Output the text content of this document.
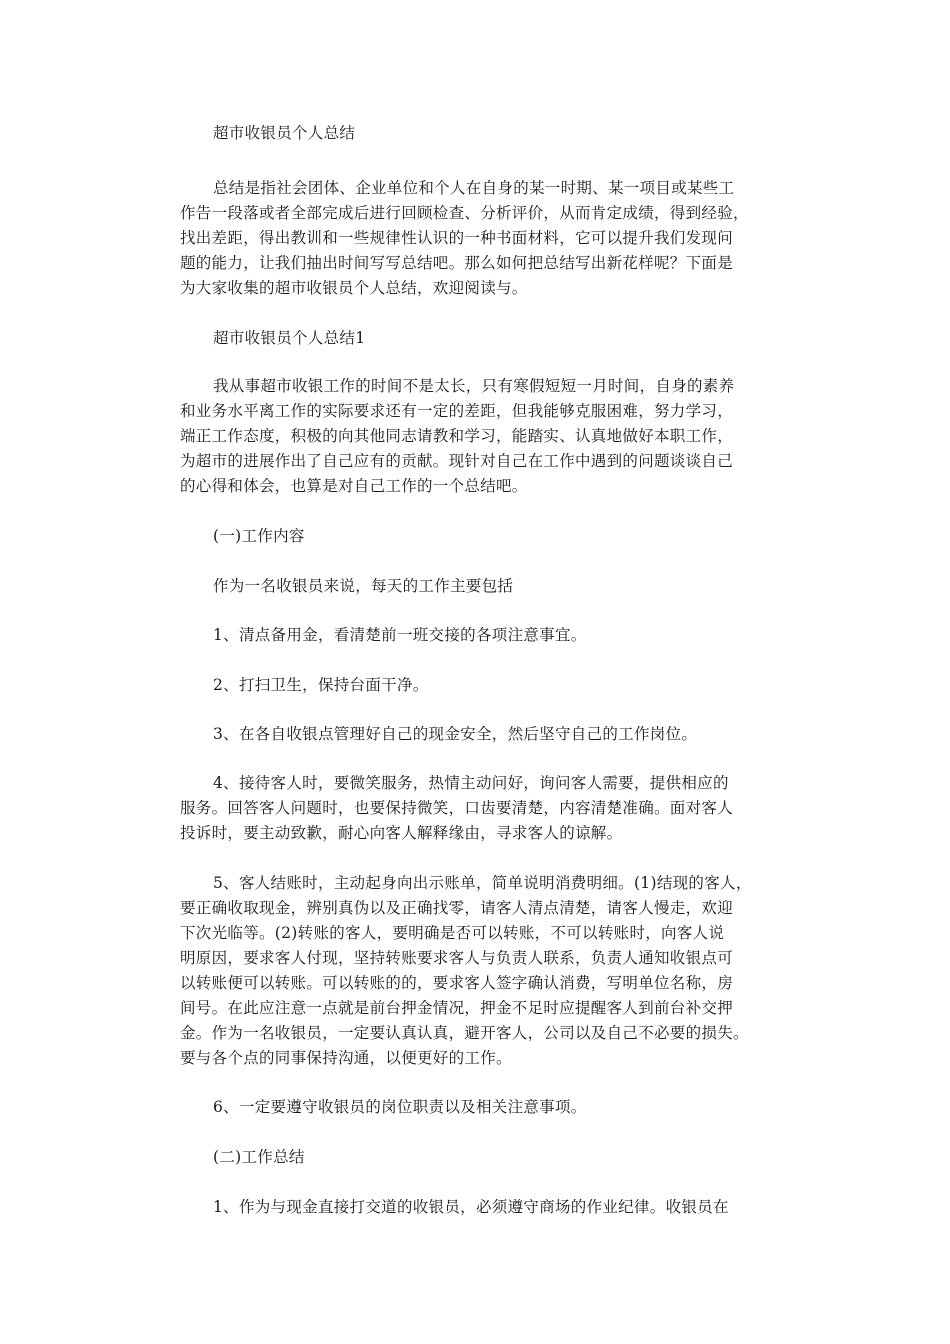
超市收银员个人总结
总结是指社会团体、企业单位和个人在自身的某一时期、某一项目或某些工
作告一段落或者全部完成后进行回顾检查、分析评价，从而肯定成绩，得到经验，
找出差距，得出教训和一些规律性认识的一种书面材料，它可以提升我们发现问
题的能力，让我们抽出时间写写总结吧。那么如何把总结写出新花样呢？下面是
为大家收集的超市收银员个人总结，欢迎阅读与。
超市收银员个人总结1
我从事超市收银工作的时间不是太长，只有寒假短短一月时间，自身的素养
和业务水平离工作的实际要求还有一定的差距，但我能够克服困难，努力学习，
端正工作态度，积极的向其他同志请教和学习，能踏实、认真地做好本职工作，
为超市的进展作出了自己应有的贡献。现针对自己在工作中遇到的问题谈谈自己
的心得和体会，也算是对自己工作的一个总结吧。
(一)工作内容
作为一名收银员来说，每天的工作主要包括
1、清点备用金，看清楚前一班交接的各项注意事宜。
2、打扫卫生，保持台面干净。
3、在各自收银点管理好自己的现金安全，然后坚守自己的工作岗位。
4、接待客人时，要微笑服务，热情主动问好，询问客人需要，提供相应的
服务。回答客人问题时，也要保持微笑，口齿要清楚，内容清楚准确。面对客人
投诉时，要主动致歉，耐心向客人解释缘由，寻求客人的谅解。
5、客人结账时，主动起身向出示账单，简单说明消费明细。(1)结现的客人，
要正确收取现金，辨别真伪以及正确找零，请客人清点清楚，请客人慢走，欢迎
下次光临等。(2)转账的客人，要明确是否可以转账，不可以转账时，向客人说
明原因，要求客人付现，坚持转账要求客人与负责人联系，负责人通知收银点可
以转账便可以转账。可以转账的的，要求客人签字确认消费，写明单位名称，房
间号。在此应注意一点就是前台押金情况，押金不足时应提醒客人到前台补交押
金。作为一名收银员，一定要认真认真，避开客人，公司以及自己不必要的损失。
要与各个点的同事保持沟通，以便更好的工作。
6、一定要遵守收银员的岗位职责以及相关注意事项。
(二)工作总结
1、作为与现金直接打交道的收银员，必须遵守商场的作业纪律。收银员在
